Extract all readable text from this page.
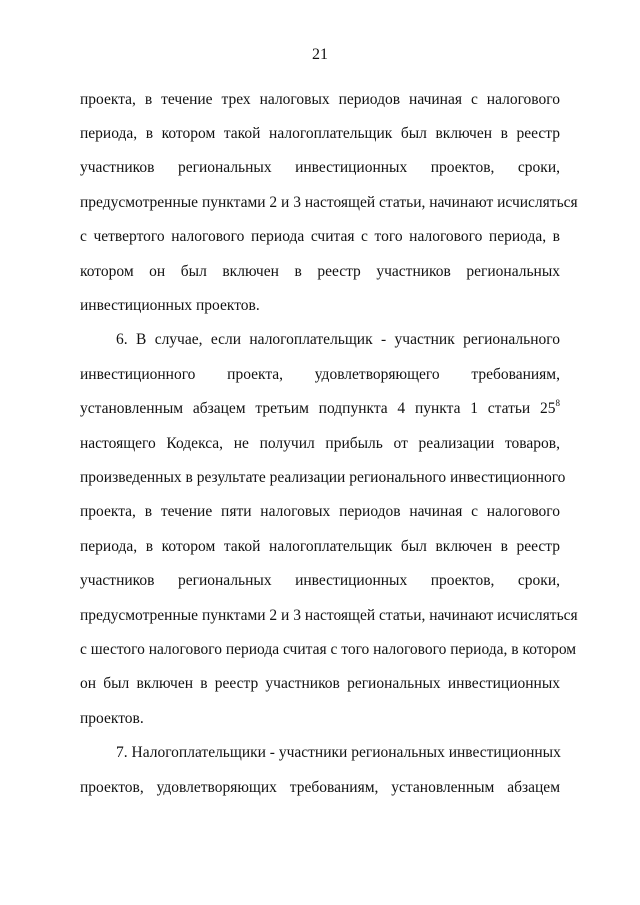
21
проекта, в течение трех налоговых периодов начиная с налогового
периода, в котором такой налогоплательщик был включен в реестр
участников региональных инвестиционных проектов, сроки,
предусмотренные пунктами 2 и 3 настоящей статьи, начинают исчисляться
с четвертого налогового периода считая с того налогового периода, в
котором он был включен в реестр участников региональных
инвестиционных проектов.
6. В случае, если налогоплательщик - участник регионального
инвестиционного проекта, удовлетворяющего требованиям,
установленным абзацем третьим подпункта 4 пункта 1 статьи $25^8$
настоящего Кодекса, не получил прибыль от реализации товаров,
произведенных в результате реализации регионального инвестиционного
проекта, в течение пяти налоговых периодов начиная с налогового
периода, в котором такой налогоплательщик был включен в реестр
участников региональных инвестиционных проектов, сроки,
предусмотренные пунктами 2 и 3 настоящей статьи, начинают исчисляться
с шестого налогового периода считая с того налогового периода, в котором
он был включен в реестр участников региональных инвестиционных
проектов.
7. Налогоплательщики - участники региональных инвестиционных
проектов, удовлетворяющих требованиям, установленным абзацем
